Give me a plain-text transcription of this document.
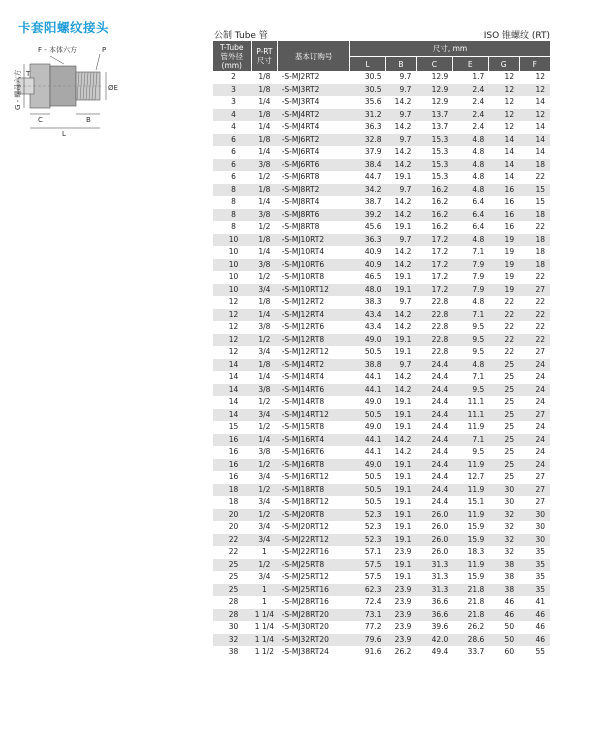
卡套阳螺纹接头
F - 本体六方	P
G - 螺母六方 T
ØE
C	B
L
公制 Tube 管	ISO 锥螺纹 (RT)
T-Tube
管外径
(mm)	P-RT
尺寸	基本订购号	尺寸, mm					
			L	B	C	E	G	F
2	1/8	-S-MJ2RT2	30.5	9.7	12.9	1.7	12	12
3	1/8	-S-MJ3RT2	30.5	9.7	12.9	2.4	12	12
3	1/4	-S-MJ3RT4	35.6	14.2	12.9	2.4	12	14
4	1/8	-S-MJ4RT2	31.2	9.7	13.7	2.4	12	12
4	1/4	-S-MJ4RT4	36.3	14.2	13.7	2.4	12	14
6	1/8	-S-MJ6RT2	32.8	9.7	15.3	4.8	14	14
6	1/4	-S-MJ6RT4	37.9	14.2	15.3	4.8	14	14
6	3/8	-S-MJ6RT6	38.4	14.2	15.3	4.8	14	18
6	1/2	-S-MJ6RT8	44.7	19.1	15.3	4.8	14	22
8	1/8	-S-MJ8RT2	34.2	9.7	16.2	4.8	16	15
8	1/4	-S-MJ8RT4	38.7	14.2	16.2	6.4	16	15
8	3/8	-S-MJ8RT6	39.2	14.2	16.2	6.4	16	18
8	1/2	-S-MJ8RT8	45.6	19.1	16.2	6.4	16	22
10	1/8	-S-MJ10RT2	36.3	9.7	17.2	4.8	19	18
10	1/4	-S-MJ10RT4	40.9	14.2	17.2	7.1	19	18
10	3/8	-S-MJ10RT6	40.9	14.2	17.2	7.9	19	18
10	1/2	-S-MJ10RT8	46.5	19.1	17.2	7.9	19	22
10	3/4	-S-MJ10RT12	48.0	19.1	17.2	7.9	19	27
12	1/8	-S-MJ12RT2	38.3	9.7	22.8	4.8	22	22
12	1/4	-S-MJ12RT4	43.4	14.2	22.8	7.1	22	22
12	3/8	-S-MJ12RT6	43.4	14.2	22.8	9.5	22	22
12	1/2	-S-MJ12RT8	49.0	19.1	22.8	9.5	22	22
12	3/4	-S-MJ12RT12	50.5	19.1	22.8	9.5	22	27
14	1/8	-S-MJ14RT2	38.8	9.7	24.4	4.8	25	24
14	1/4	-S-MJ14RT4	44.1	14.2	24.4	7.1	25	24
14	3/8	-S-MJ14RT6	44.1	14.2	24.4	9.5	25	24
14	1/2	-S-MJ14RT8	49.0	19.1	24.4	11.1	25	24
14	3/4	-S-MJ14RT12	50.5	19.1	24.4	11.1	25	27
15	1/2	-S-MJ15RT8	49.0	19.1	24.4	11.9	25	24
16	1/4	-S-MJ16RT4	44.1	14.2	24.4	7.1	25	24
16	3/8	-S-MJ16RT6	44.1	14.2	24.4	9.5	25	24
16	1/2	-S-MJ16RT8	49.0	19.1	24.4	11.9	25	24
16	3/4	-S-MJ16RT12	50.5	19.1	24.4	12.7	25	27
18	1/2	-S-MJ18RT8	50.5	19.1	24.4	11.9	30	27
18	3/4	-S-MJ18RT12	50.5	19.1	24.4	15.1	30	27
20	1/2	-S-MJ20RT8	52.3	19.1	26.0	11.9	32	30
20	3/4	-S-MJ20RT12	52.3	19.1	26.0	15.9	32	30
22	3/4	-S-MJ22RT12	52.3	19.1	26.0	15.9	32	30
22	1	-S-MJ22RT16	57.1	23.9	26.0	18.3	32	35
25	1/2	-S-MJ25RT8	57.5	19.1	31.3	11.9	38	35
25	3/4	-S-MJ25RT12	57.5	19.1	31.3	15.9	38	35
25	1	-S-MJ25RT16	62.3	23.9	31.3	21.8	38	35
28	1	-S-MJ28RT16	72.4	23.9	36.6	21.8	46	41
28	1 1/4	-S-MJ28RT20	73.1	23.9	36.6	21.8	46	46
30	1 1/4	-S-MJ30RT20	77.2	23.9	39.6	26.2	50	46
32	1 1/4	-S-MJ32RT20	79.6	23.9	42.0	28.6	50	46
38	1 1/2	-S-MJ38RT24	91.6	26.2	49.4	33.7	60	55
